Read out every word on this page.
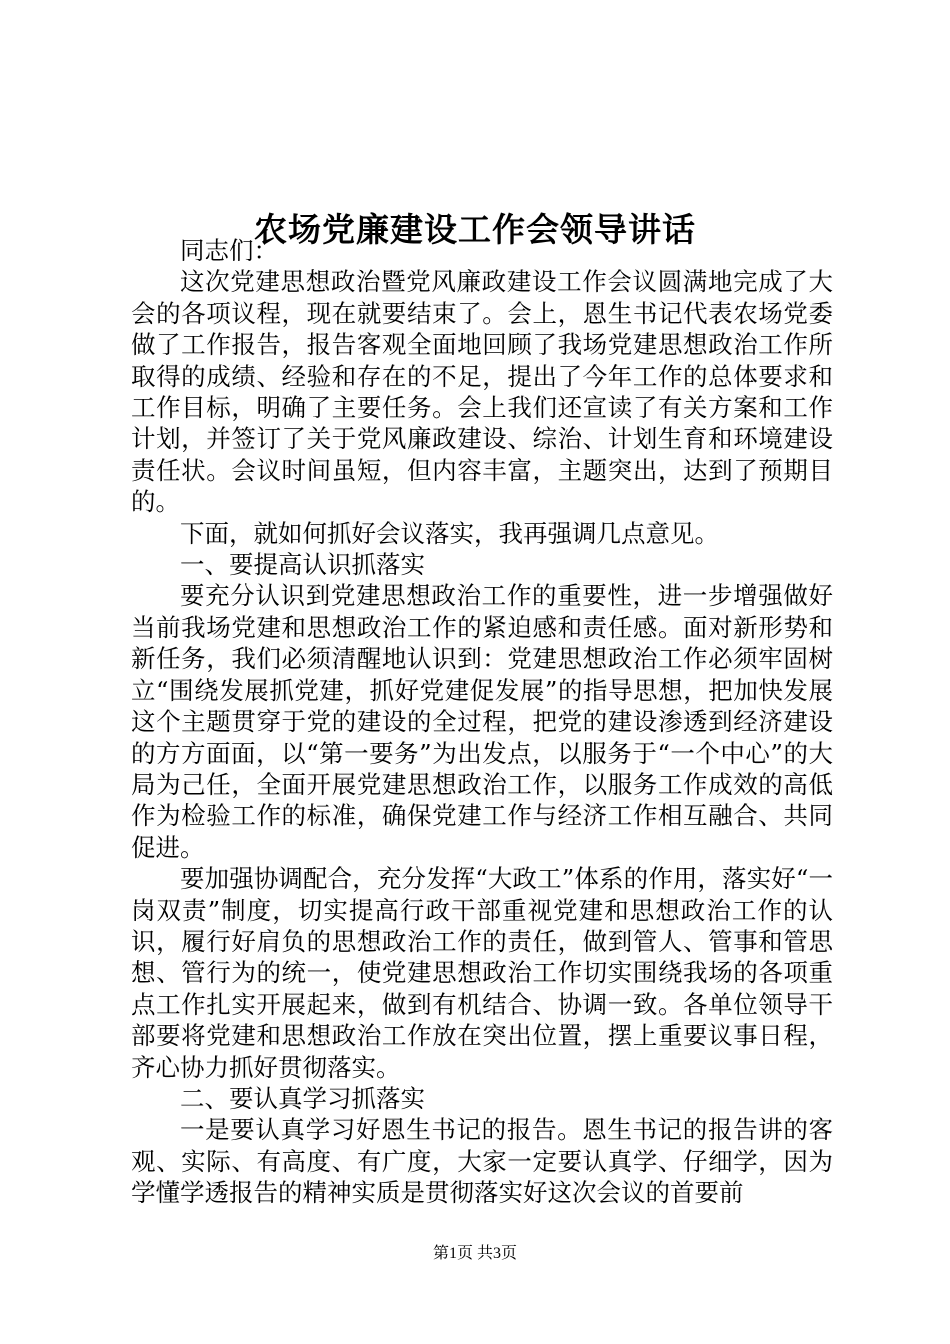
农场党廉建设工作会领导讲话

同志们：

这次党建思想政治暨党风廉政建设工作会议圆满地完成了大会的各项议程，现在就要结束了。会上，恩生书记代表农场党委做了工作报告，报告客观全面地回顾了我场党建思想政治工作所取得的成绩、经验和存在的不足，提出了今年工作的总体要求和工作目标，明确了主要任务。会上我们还宣读了有关方案和工作计划，并签订了关于党风廉政建设、综治、计划生育和环境建设责任状。会议时间虽短，但内容丰富，主题突出，达到了预期目的。

下面，就如何抓好会议落实，我再强调几点意见。

一、要提高认识抓落实

要充分认识到党建思想政治工作的重要性，进一步增强做好当前我场党建和思想政治工作的紧迫感和责任感。面对新形势和新任务，我们必须清醒地认识到：党建思想政治工作必须牢固树立“围绕发展抓党建，抓好党建促发展”的指导思想，把加快发展这个主题贯穿于党的建设的全过程，把党的建设渗透到经济建设的方方面面，以“第一要务”为出发点，以服务于“一个中心”的大局为己任，全面开展党建思想政治工作，以服务工作成效的高低作为检验工作的标准，确保党建工作与经济工作相互融合、共同促进。

要加强协调配合，充分发挥“大政工”体系的作用，落实好“一岗双责”制度，切实提高行政干部重视党建和思想政治工作的认识，履行好肩负的思想政治工作的责任，做到管人、管事和管思想、管行为的统一，使党建思想政治工作切实围绕我场的各项重点工作扎实开展起来，做到有机结合、协调一致。各单位领导干部要将党建和思想政治工作放在突出位置，摆上重要议事日程，齐心协力抓好贯彻落实。

二、要认真学习抓落实

一是要认真学习好恩生书记的报告。恩生书记的报告讲的客观、实际、有高度、有广度，大家一定要认真学、仔细学，因为学懂学透报告的精神实质是贯彻落实好这次会议的首要前

第1页 共3页
